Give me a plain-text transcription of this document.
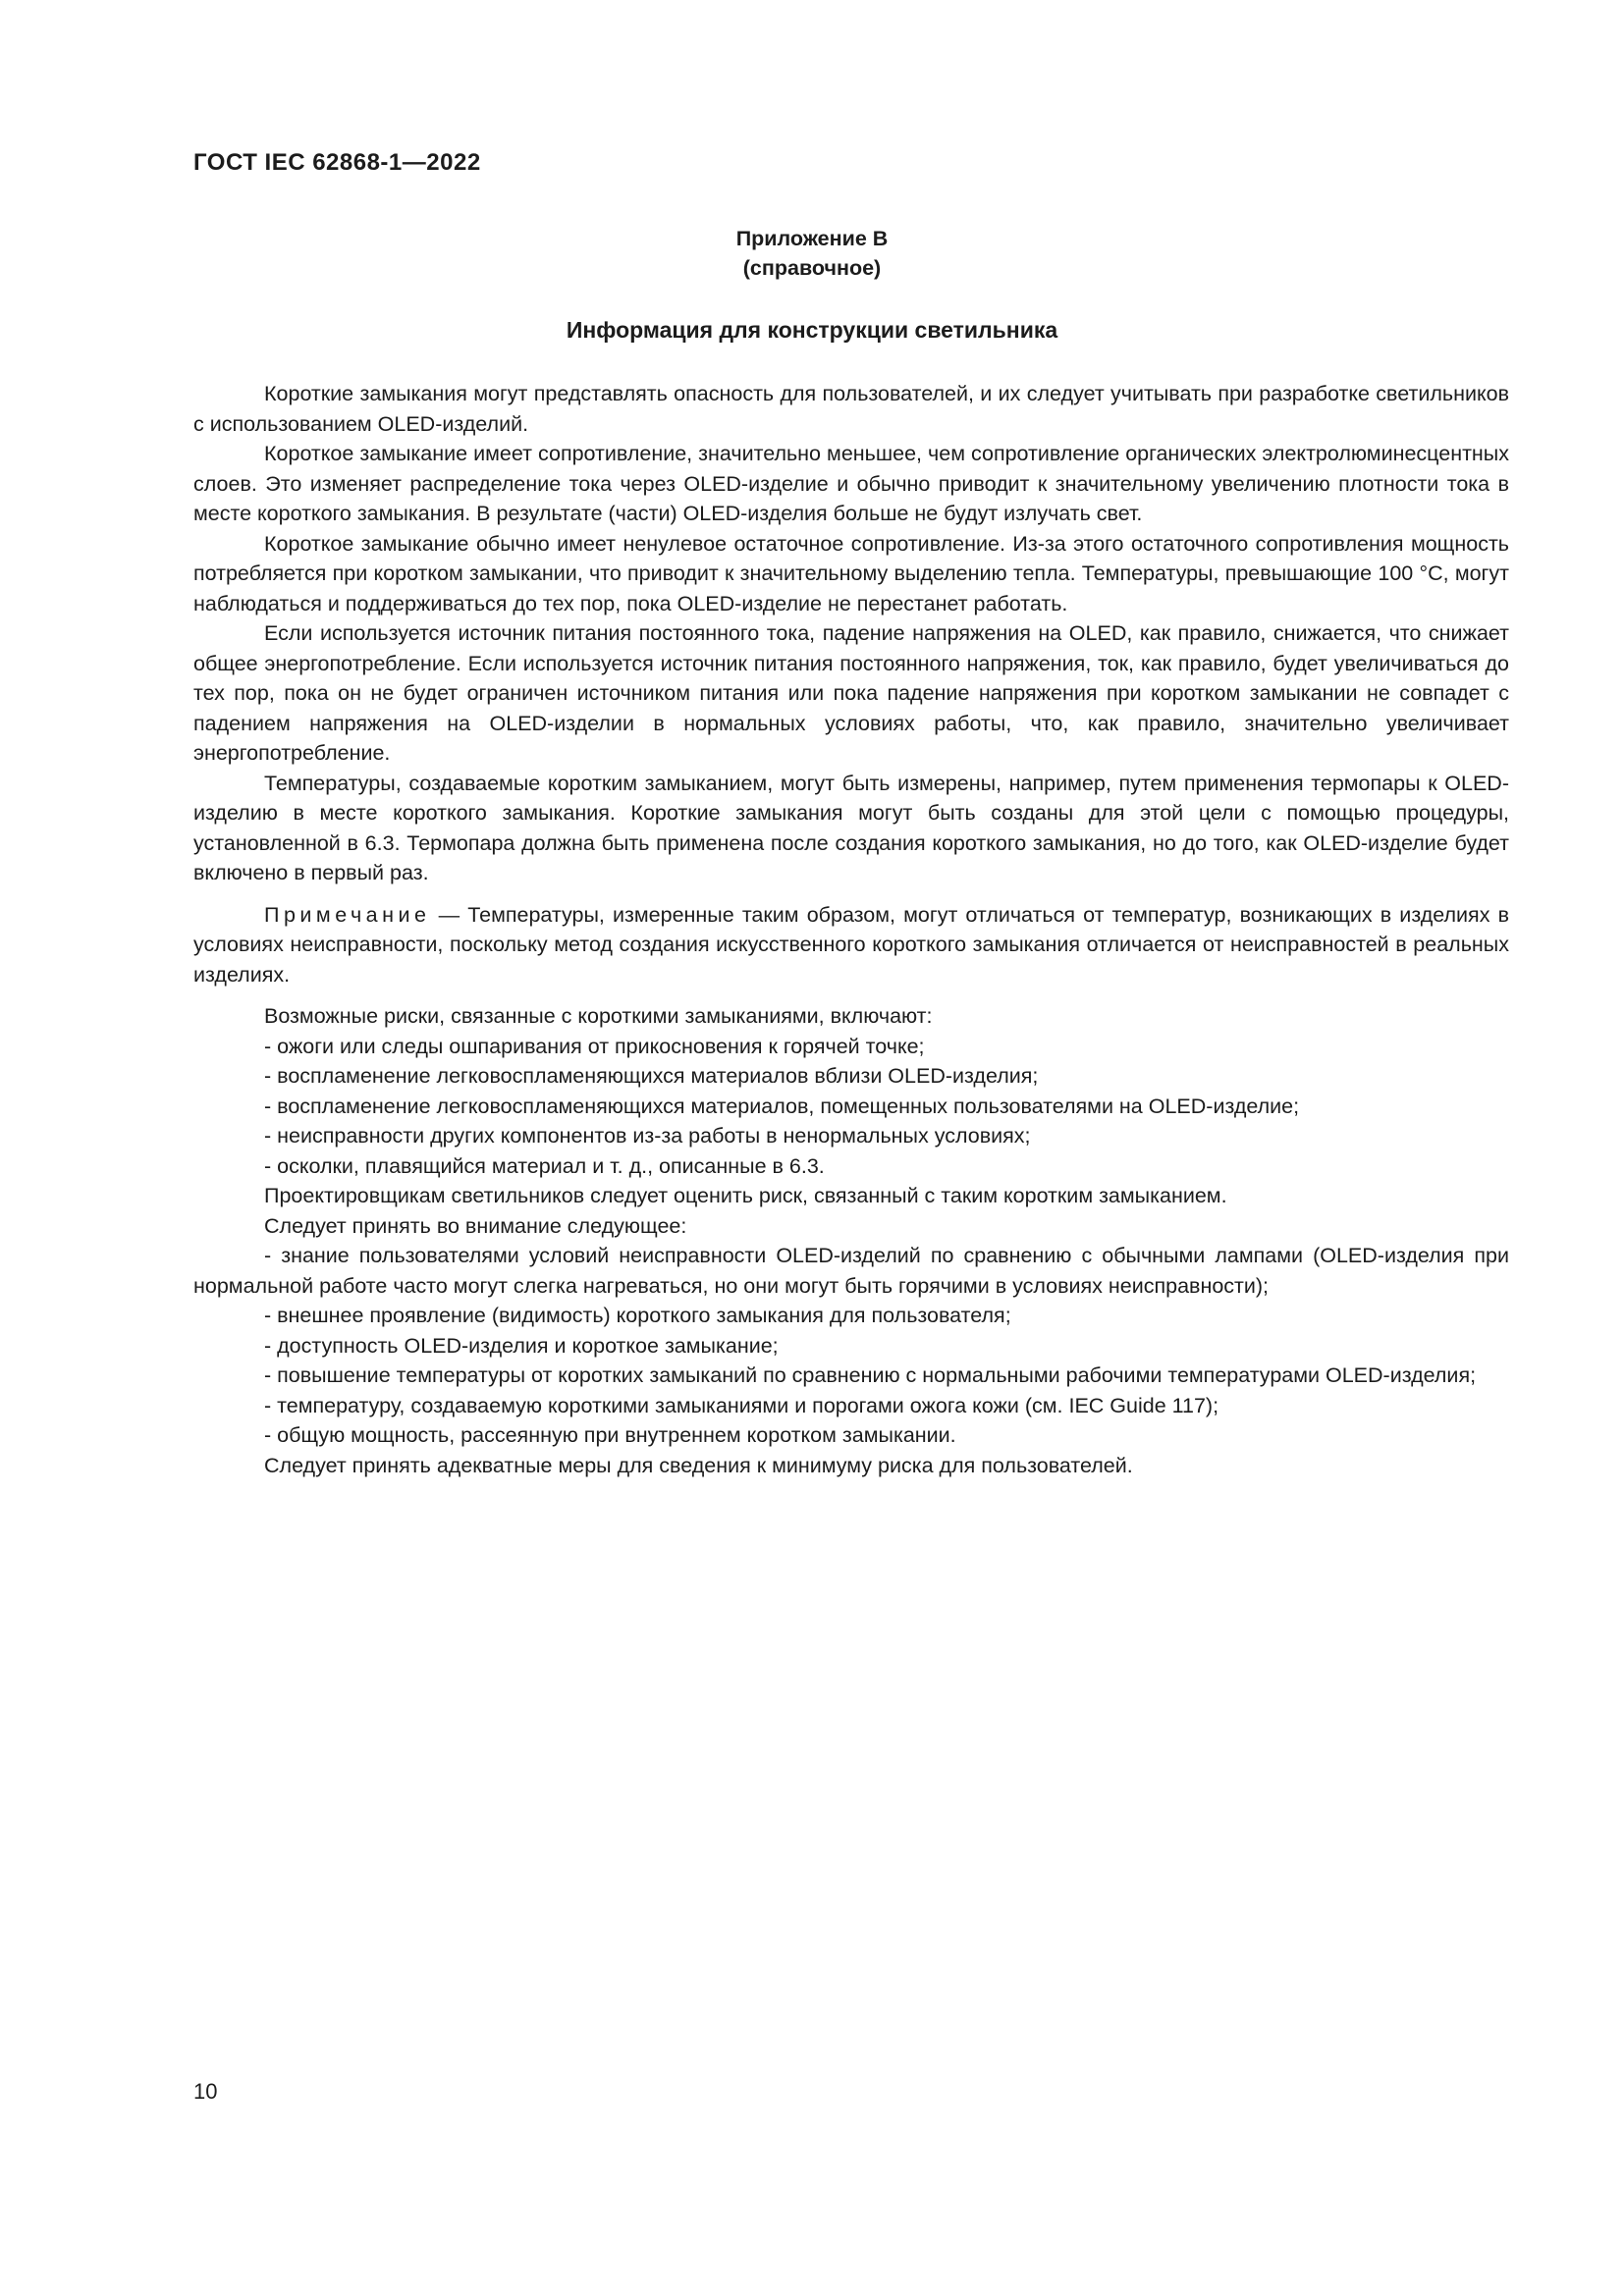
ГОСТ IEC 62868-1—2022
Приложение В
(справочное)
Информация для конструкции светильника

Короткие замыкания могут представлять опасность для пользователей, и их следует учитывать при разработке светильников с использованием OLED-изделий.

Короткое замыкание имеет сопротивление, значительно меньшее, чем сопротивление органических электролюминесцентных слоев. Это изменяет распределение тока через OLED-изделие и обычно приводит к значительному увеличению плотности тока в месте короткого замыкания. В результате (части) OLED-изделия больше не будут излучать свет.

Короткое замыкание обычно имеет ненулевое остаточное сопротивление. Из-за этого остаточного сопротивления мощность потребляется при коротком замыкании, что приводит к значительному выделению тепла. Температуры, превышающие 100 °С, могут наблюдаться и поддерживаться до тех пор, пока OLED-изделие не перестанет работать.

Если используется источник питания постоянного тока, падение напряжения на OLED, как правило, снижается, что снижает общее энергопотребление. Если используется источник питания постоянного напряжения, ток, как правило, будет увеличиваться до тех пор, пока он не будет ограничен источником питания или пока падение напряжения при коротком замыкании не совпадет с падением напряжения на OLED-изделии в нормальных условиях работы, что, как правило, значительно увеличивает энергопотребление.

Температуры, создаваемые коротким замыканием, могут быть измерены, например, путем применения термопары к OLED-изделию в месте короткого замыкания. Короткие замыкания могут быть созданы для этой цели с помощью процедуры, установленной в 6.3. Термопара должна быть применена после создания короткого замыкания, но до того, как OLED-изделие будет включено в первый раз.

Примечание — Температуры, измеренные таким образом, могут отличаться от температур, возникающих в изделиях в условиях неисправности, поскольку метод создания искусственного короткого замыкания отличается от неисправностей в реальных изделиях.

Возможные риски, связанные с короткими замыканиями, включают:

- ожоги или следы ошпаривания от прикосновения к горячей точке;
- воспламенение легковоспламеняющихся материалов вблизи OLED-изделия;
- воспламенение легковоспламеняющихся материалов, помещенных пользователями на OLED-изделие;
- неисправности других компонентов из-за работы в ненормальных условиях;
- осколки, плавящийся материал и т. д., описанные в 6.3.

Проектировщикам светильников следует оценить риск, связанный с таким коротким замыканием.

Следует принять во внимание следующее:

- знание пользователями условий неисправности OLED-изделий по сравнению с обычными лампами (OLED-изделия при нормальной работе часто могут слегка нагреваться, но они могут быть горячими в условиях неисправности);
- внешнее проявление (видимость) короткого замыкания для пользователя;
- доступность OLED-изделия и короткое замыкание;
- повышение температуры от коротких замыканий по сравнению с нормальными рабочими температурами OLED-изделия;
- температуру, создаваемую короткими замыканиями и порогами ожога кожи (см. IEC Guide 117);
- общую мощность, рассеянную при внутреннем коротком замыкании.

Следует принять адекватные меры для сведения к минимуму риска для пользователей.

10
